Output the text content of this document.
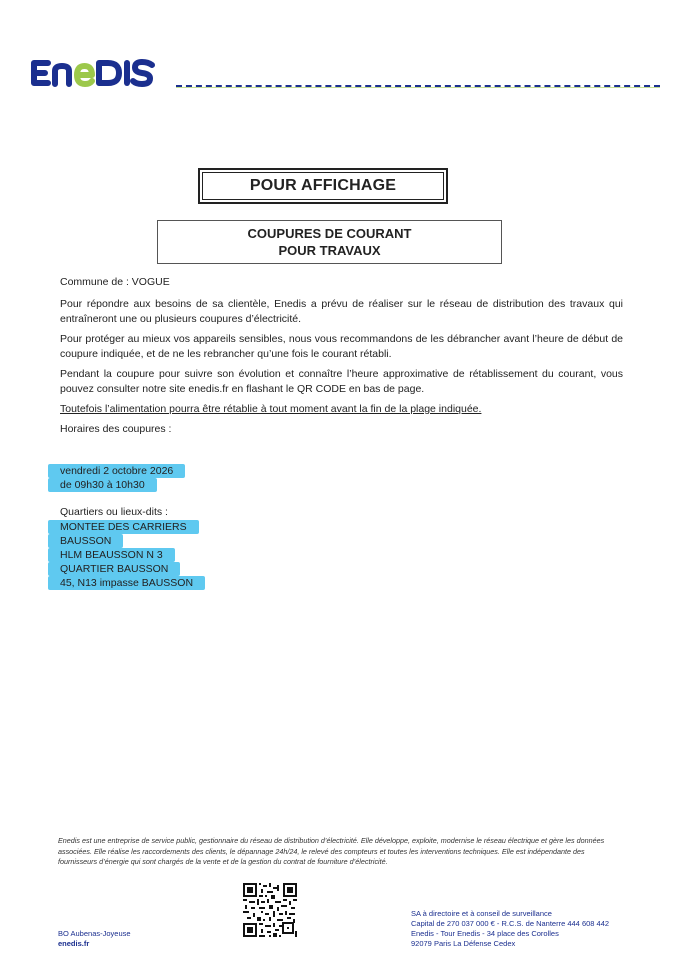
POUR AFFICHAGE
COUPURES DE COURANT
POUR TRAVAUX
Commune de : VOGUE
Pour répondre aux besoins de sa clientèle, Enedis a prévu de réaliser sur le réseau de distribution des travaux qui entraîneront une ou plusieurs coupures d’électricité.
Pour protéger au mieux vos appareils sensibles, nous vous recommandons de les débrancher avant l’heure de début de coupure indiquée, et de ne les rebrancher qu’une fois le courant rétabli.
Pendant la coupure pour suivre son évolution et connaître l’heure approximative de rétablissement du courant, vous pouvez consulter notre site enedis.fr en flashant le QR CODE en bas de page.
Toutefois l’alimentation pourra être rétablie à tout moment avant la fin de la plage indiquée.
Horaires des coupures :
vendredi 2 octobre 2026
de 09h30 à 10h30
Quartiers ou lieux-dits :
MONTEE DES CARRIERS
BAUSSON
HLM BEAUSSON N 3
QUARTIER BAUSSON
45, N13 impasse BAUSSON
Enedis est une entreprise de service public, gestionnaire du réseau de distribution d’électricité. Elle développe, exploite, modernise le réseau électrique et gère les données associées. Elle réalise les raccordements des clients, le dépannage 24h/24, le relevé des compteurs et toutes les interventions techniques. Elle est indépendante des fournisseurs d’énergie qui sont chargés de la vente et de la gestion du contrat de fourniture d’électricité.
BO Aubenas-Joyeuse
enedis.fr
SA à directoire et à conseil de surveillance
Capital de 270 037 000 € - R.C.S. de Nanterre 444 608 442
Enedis - Tour Enedis - 34 place des Corolles
92079 Paris La Défense Cedex
